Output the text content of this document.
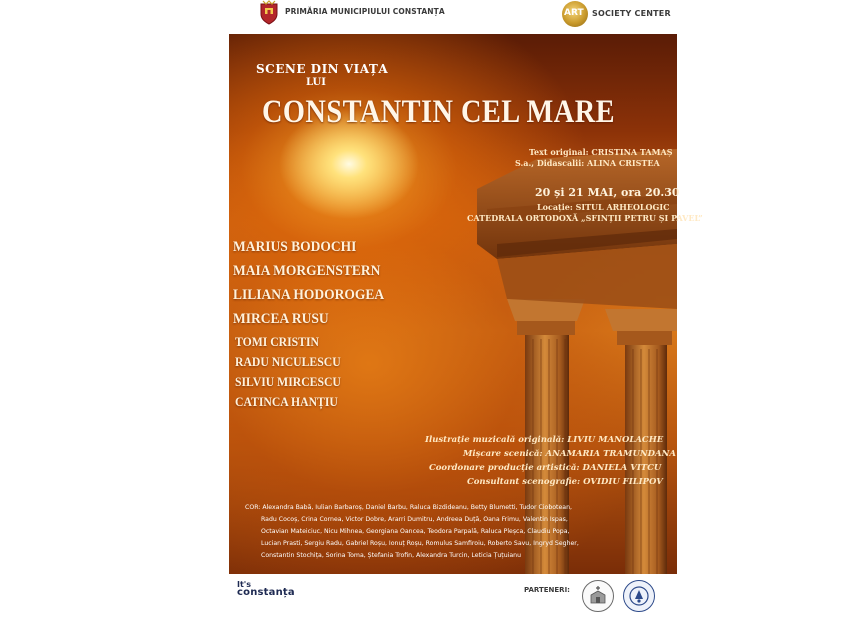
PRIMĂRIA MUNICIPIULUI CONSTANȚA	ART SOCIETY CENTER
SCENE DIN VIAȚA
LUI
CONSTANTIN CEL MARE
Text original: CRISTINA TAMAȘ
S.a., Didascalii: ALINA CRISTEA
20 și 21 MAI, ora 20.30
Locație: SITUL ARHEOLOGIC
CATEDRALA ORTODOXĂ „SFINȚII PETRU ȘI PAVEL”
MARIUS BODOCHI
MAIA MORGENSTERN
LILIANA HODOROGEA
MIRCEA RUSU
TOMI CRISTIN
RADU NICULESCU
SILVIU MIRCESCU
CATINCA HANȚIU
Ilustrație muzicală originală: LIVIU MANOLACHE
Mișcare scenică: ANAMARIA TRAMUNDANA
Coordonare producție artistică: DANIELA VITCU
Consultant scenografie: OVIDIU FILIPOV
COR: Alexandra Babă, Iulian Barbaroș, Daniel Barbu, Raluca Bizdideanu, Betty Blumetti, Tudor Ciobotean,
Radu Cocoș, Crina Cornea, Victor Dobre, Ararri Dumitru, Andreea Duță, Oana Frimu, Valentin Ispas,
Octavian Mateiciuc, Nicu Mihnea, Georgiana Oancea, Teodora Parpală, Raluca Pleșca, Claudiu Popa,
Lucian Prasti, Sergiu Radu, Gabriel Roșu, Ionuț Roșu, Romulus Samfiroiu, Roberto Savu, Ingryd Segher,
Constantin Stochița, Sorina Toma, Ștefania Trofin, Alexandra Turcin, Leticia Țuțuianu
It's
constanța	PARTENERI:
